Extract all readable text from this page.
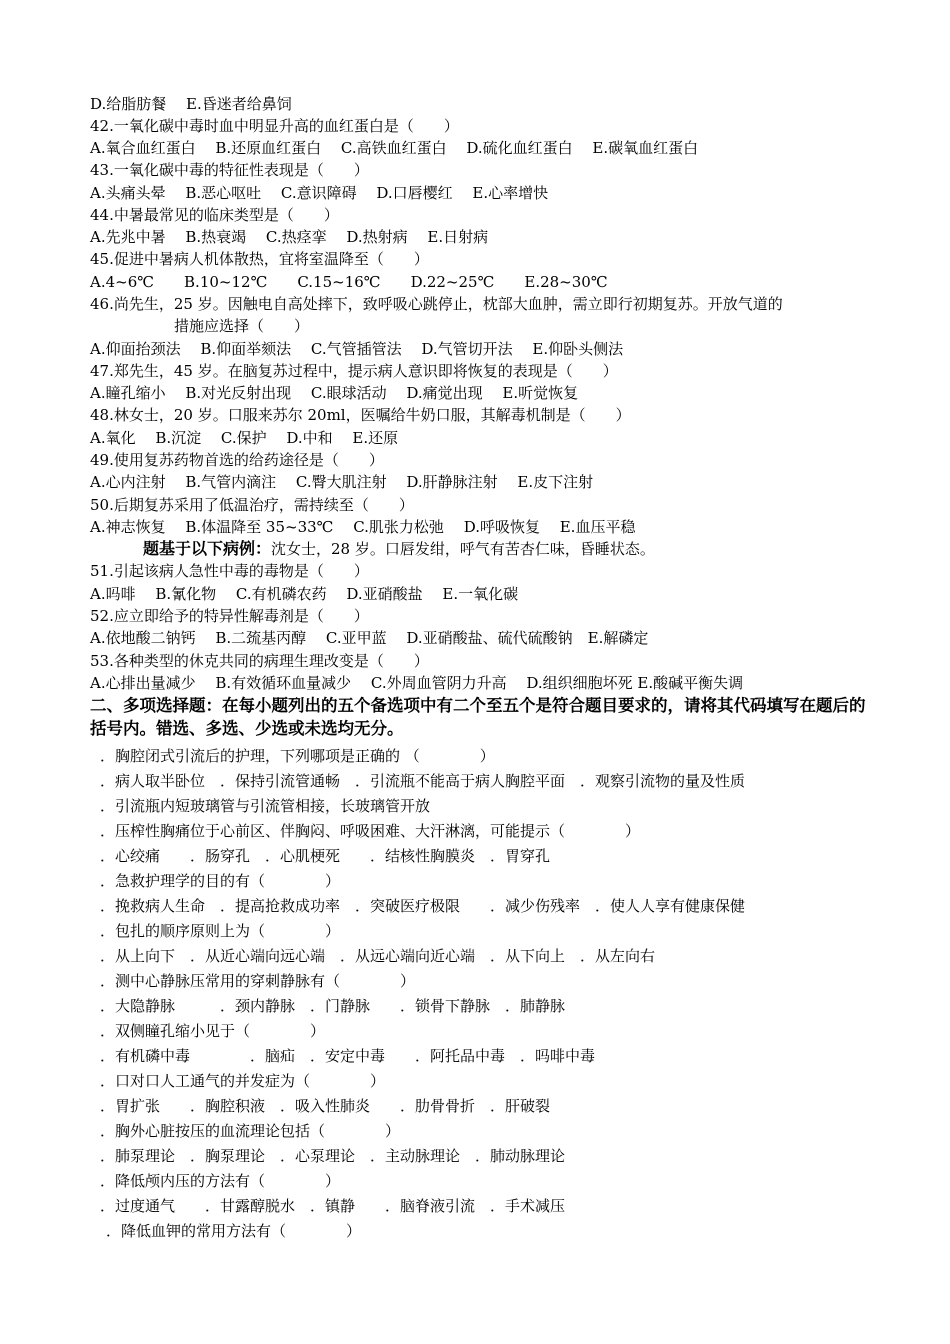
D.给脂肪餐　 E.昏迷者给鼻饲
42.一氧化碳中毒时血中明显升高的血红蛋白是（　　）
A.氧合血红蛋白　 B.还原血红蛋白　 C.高铁血红蛋白　 D.硫化血红蛋白　 E.碳氧血红蛋白
43.一氧化碳中毒的特征性表现是（　　）
A.头痛头晕　 B.恶心呕吐　 C.意识障碍　 D.口唇樱红　 E.心率增快
44.中暑最常见的临床类型是（　　）
A.先兆中暑　 B.热衰竭　 C.热痉挛　 D.热射病　 E.日射病
45.促进中暑病人机体散热，宜将室温降至（　　）
A.4~6℃　　B.10~12℃　　C.15~16℃　　D.22~25℃　　E.28~30℃
46.尚先生，25 岁。因触电自高处摔下，致呼吸心跳停止，枕部大血肿，需立即行初期复苏。开放气道的
措施应选择（　　）
A.仰面抬颈法　 B.仰面举颏法　 C.气管插管法　 D.气管切开法　 E.仰卧头侧法
47.郑先生，45 岁。在脑复苏过程中，提示病人意识即将恢复的表现是（　　）
A.瞳孔缩小　 B.对光反射出现　 C.眼球活动　 D.痛觉出现　 E.听觉恢复
48.林女士，20 岁。口服来苏尔 20ml，医嘱给牛奶口服，其解毒机制是（　　）
A.氧化　 B.沉淀　 C.保护　 D.中和　 E.还原
49.使用复苏药物首选的给药途径是（　　）
A.心内注射　 B.气管内滴注　 C.臀大肌注射　 D.肝静脉注射　 E.皮下注射
50.后期复苏采用了低温治疗，需持续至（　　）
A.神志恢复　 B.体温降至 35~33℃　 C.肌张力松弛　 D.呼吸恢复　 E.血压平稳
题基于以下病例：沈女士，28 岁。口唇发绀，呼气有苦杏仁味，昏睡状态。
51.引起该病人急性中毒的毒物是（　　）
A.吗啡　 B.氰化物　 C.有机磷农药　 D.亚硝酸盐　 E.一氧化碳
52.应立即给予的特异性解毒剂是（　　）
A.依地酸二钠钙　 B.二巯基丙醇　 C.亚甲蓝　 D.亚硝酸盐、硫代硫酸钠　E.解磷定
53.各种类型的休克共同的病理生理改变是（　　）
A.心排出量减少　 B.有效循环血量减少　 C.外周血管阴力升高　 D.组织细胞坏死 E.酸碱平衡失调
二、多项选择题：在每小题列出的五个备选项中有二个至五个是符合题目要求的，请将其代码填写在题后的括号内。错选、多选、少选或未选均无分。
．胸腔闭式引流后的护理，下列哪项是正确的 （　　　　）
．病人取半卧位　．保持引流管通畅　．引流瓶不能高于病人胸腔平面　．观察引流物的量及性质
．引流瓶内短玻璃管与引流管相接，长玻璃管开放
．压榨性胸痛位于心前区、伴胸闷、呼吸困难、大汗淋漓，可能提示（　　　　）
．心绞痛　　．肠穿孔　．心肌梗死　　．结核性胸膜炎　．胃穿孔
．急救护理学的目的有（　　　　）
．挽救病人生命　．提高抢救成功率　．突破医疗极限　　．减少伤残率　．使人人享有健康保健
．包扎的顺序原则上为（　　　　）
．从上向下　．从近心端向远心端　．从远心端向近心端　．从下向上　．从左向右
．测中心静脉压常用的穿刺静脉有（　　　　）
．大隐静脉　　　．颈内静脉　．门静脉　　．锁骨下静脉　．肺静脉
．双侧瞳孔缩小见于（　　　　）
．有机磷中毒　　　　．脑疝　．安定中毒　　．阿托品中毒　．吗啡中毒
．口对口人工通气的并发症为（　　　　）
．胃扩张　　．胸腔积液　．吸入性肺炎　　．肋骨骨折　．肝破裂
．胸外心脏按压的血流理论包括（　　　　）
．肺泵理论　．胸泵理论　．心泵理论　．主动脉理论　．肺动脉理论
．降低颅内压的方法有（　　　　）
．过度通气　　．甘露醇脱水　．镇静　　．脑脊液引流　．手术减压
．降低血钾的常用方法有（　　　　）
